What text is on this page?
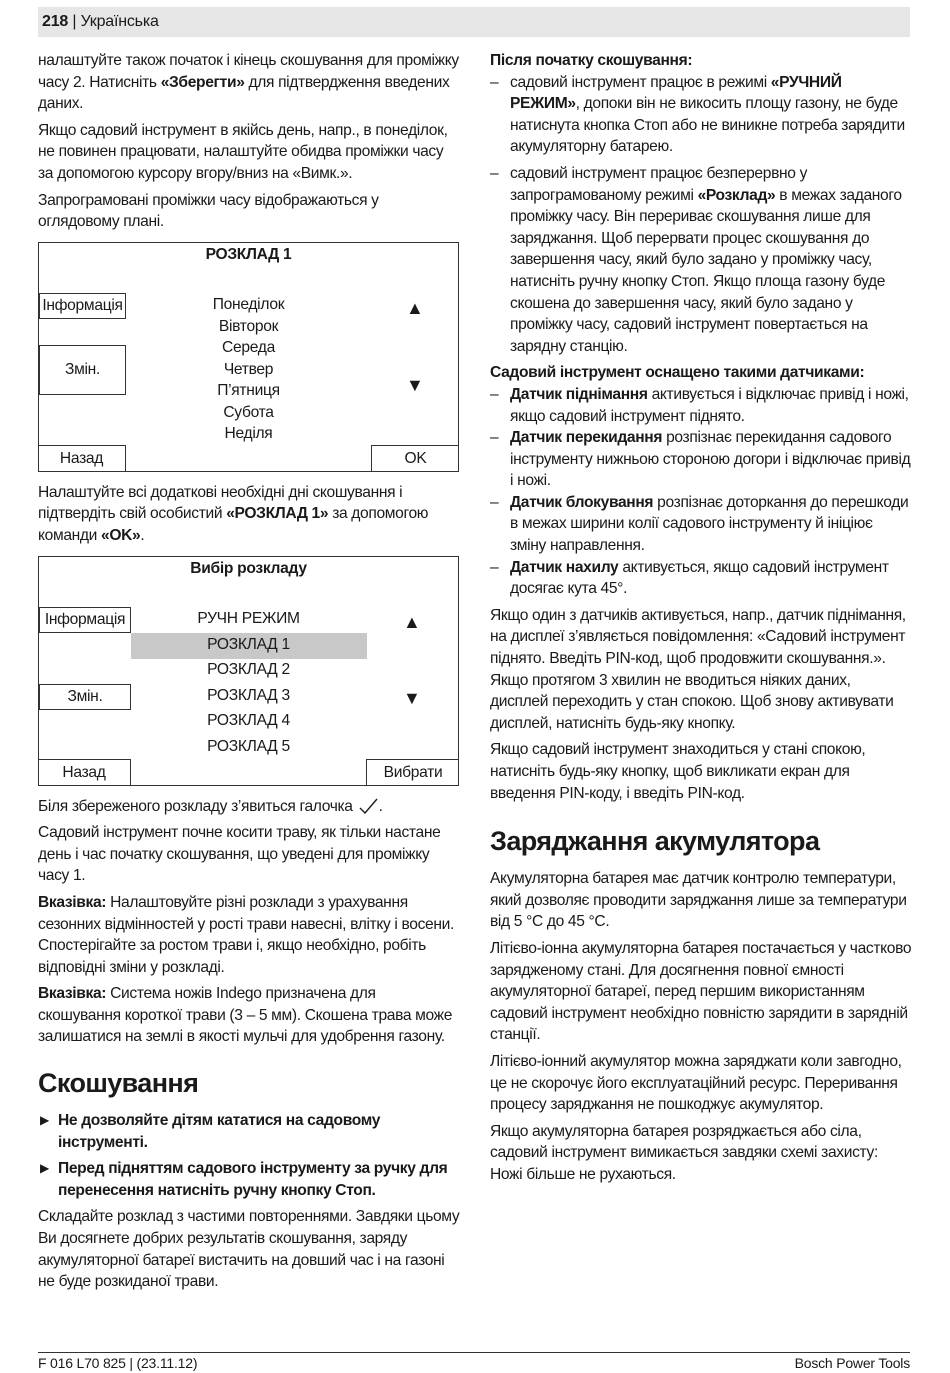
218 | Українська
налаштуйте також початок і кінець скошування для проміжку часу 2. Натисніть «Зберегти» для підтвердження введених даних.
Якщо садовий інструмент в якійсь день, напр., в понеділок, не повинен працювати, налаштуйте обидва проміжки часу за допомогою курсору вгору/вниз на «Вимк.».
Запрограмовані проміжки часу відображаються у оглядовому плані.
РОЗКЛАД 1
Інформація
Змін.
Понеділок
Вівторок
Середа
Четвер
П’ятниця
Субота
Неділя
▲
▼
Назад	OK
Налаштуйте всі додаткові необхідні дні скошування і підтвердіть свій особистий «РОЗКЛАД 1» за допомогою команди «OK».
Вибір розкладу
Інформація
Змін.
РУЧН РЕЖИМ
РОЗКЛАД 1
РОЗКЛАД 2
РОЗКЛАД 3
РОЗКЛАД 4
РОЗКЛАД 5
▲
▼
Назад	Вибрати
Біля збереженого розкладу з’явиться галочка .
Садовий інструмент почне косити траву, як тільки настане день і час початку скошування, що уведені для проміжку часу 1.
Вказівка: Налаштовуйте різні розклади з урахування сезонних відмінностей у рості трави навесні, влітку і восени. Спостерігайте за ростом трави і, якщо необхідно, робіть відповідні зміни у розкладі.
Вказівка: Система ножів Indego призначена для скошування короткої трави (3 – 5 мм). Скошена трава може залишатися на землі в якості мульчі для удобрення газону.
Скошування
▶ Не дозволяйте дітям кататися на садовому інструменті.
▶ Перед підняттям садового інструменту за ручку для перенесення натисніть ручну кнопку Стоп.
Складайте розклад з частими повтореннями. Завдяки цьому Ви досягнете добрих результатів скошування, заряду акумуляторної батареї вистачить на довший час і на газоні не буде розкиданої трави.
Після початку скошування:
– садовий інструмент працює в режимі «РУЧНИЙ РЕЖИМ», допоки він не викосить площу газону, не буде натиснута кнопка Стоп або не виникне потреба зарядити акумуляторну батарею.
– садовий інструмент працює безперервно у запрограмованому режимі «Розклад» в межах заданого проміжку часу. Він перериває скошування лише для заряджання. Щоб перервати процес скошування до завершення часу, який було задано у проміжку часу, натисніть ручну кнопку Стоп. Якщо площа газону буде скошена до завершення часу, який було задано у проміжку часу, садовий інструмент повертається на зарядну станцію.
Садовий інструмент оснащено такими датчиками:
– Датчик піднімання активується і відключає привід і ножі, якщо садовий інструмент піднято.
– Датчик перекидання розпізнає перекидання садового інструменту нижньою стороною догори і відключає привід і ножі.
– Датчик блокування розпізнає доторкання до перешкоди в межах ширини колії садового інструменту й ініціює зміну направлення.
– Датчик нахилу активується, якщо садовий інструмент досягає кута 45°.
Якщо один з датчиків активується, напр., датчик піднімання, на дисплеї з’являється повідомлення: «Садовий інструмент піднято. Введіть PIN-код, щоб продовжити скошування.». Якщо протягом 3 хвилин не вводиться ніяких даних, дисплей переходить у стан спокою. Щоб знову активувати дисплей, натисніть будь-яку кнопку.
Якщо садовий інструмент знаходиться у стані спокою, натисніть будь-яку кнопку, щоб викликати екран для введення PIN-коду, і введіть PIN-код.
Заряджання акумулятора
Акумуляторна батарея має датчик контролю температури, який дозволяє проводити заряджання лише за температури від 5 °C до 45 °C.
Літієво-іонна акумуляторна батарея постачається у частково зарядженому стані. Для досягнення повної ємності акумуляторної батареї, перед першим використанням садовий інструмент необхідно повністю зарядити в зарядній станції.
Літієво-іонний акумулятор можна заряджати коли завгодно, це не скорочує його експлуатаційний ресурс. Переривання процесу заряджання не пошкоджує акумулятор.
Якщо акумуляторна батарея розряджається або сіла, садовий інструмент вимикається завдяки схемі захисту: Ножі більше не рухаються.
F 016 L70 825 | (23.11.12)	Bosch Power Tools
